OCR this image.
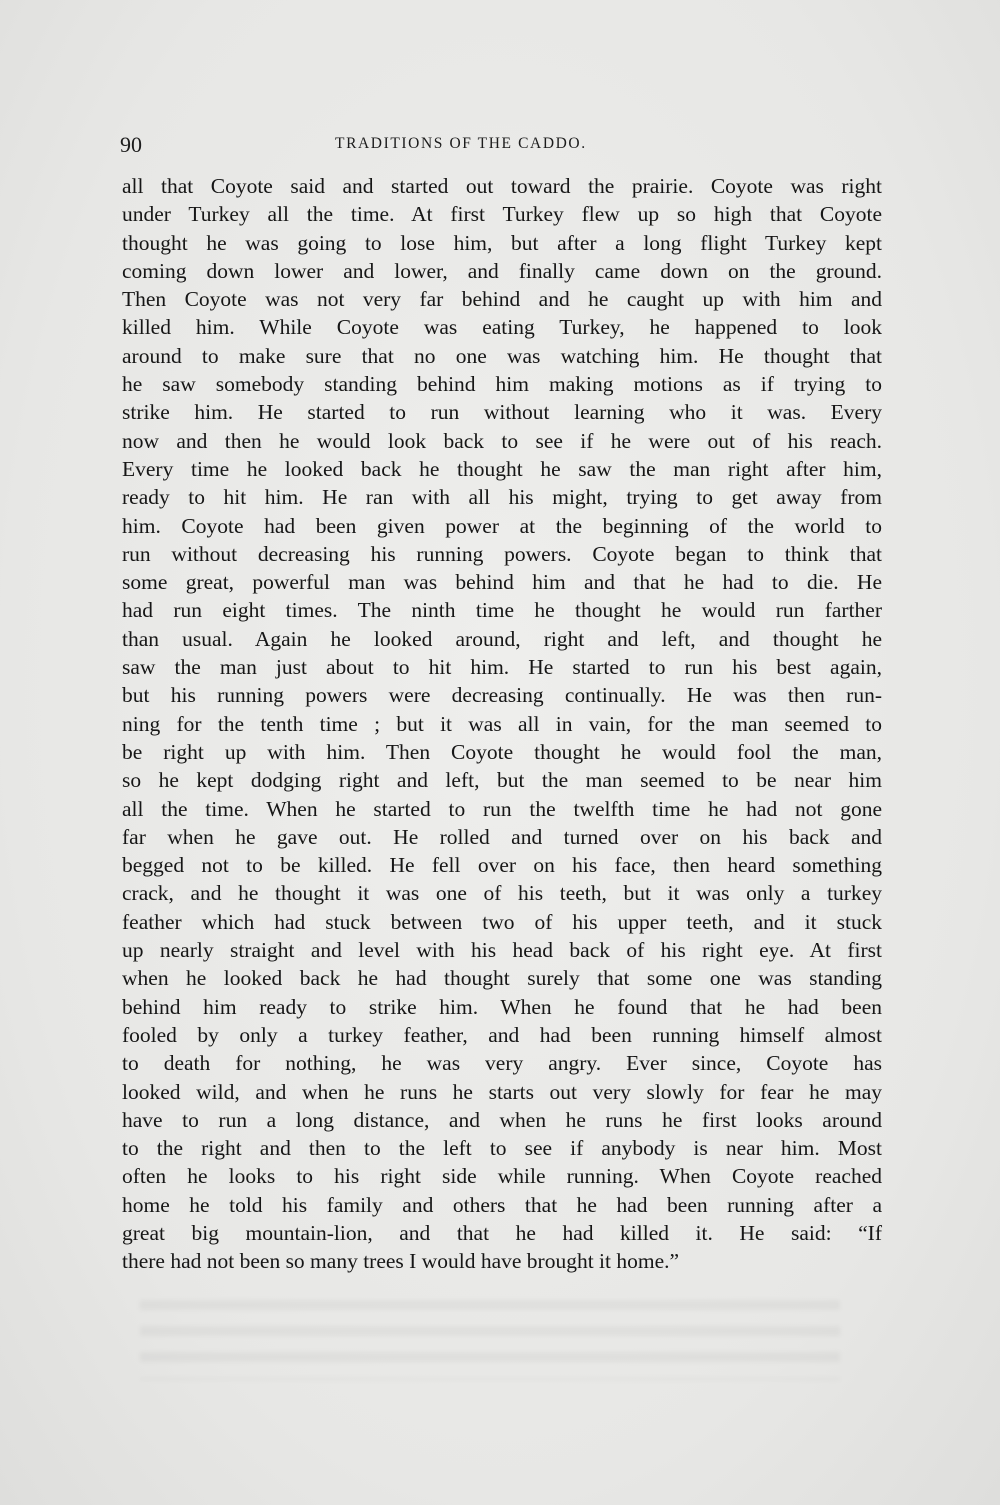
90	TRADITIONS OF THE CADDO.
all that Coyote said and started out toward the prairie. Coyote was right
under Turkey all the time. At first Turkey flew up so high that Coyote
thought he was going to lose him, but after a long flight Turkey kept
coming down lower and lower, and finally came down on the ground.
Then Coyote was not very far behind and he caught up with him and
killed him. While Coyote was eating Turkey, he happened to look
around to make sure that no one was watching him. He thought that
he saw somebody standing behind him making motions as if trying to
strike him. He started to run without learning who it was. Every
now and then he would look back to see if he were out of his reach.
Every time he looked back he thought he saw the man right after him,
ready to hit him. He ran with all his might, trying to get away from
him. Coyote had been given power at the beginning of the world to
run without decreasing his running powers. Coyote began to think that
some great, powerful man was behind him and that he had to die. He
had run eight times. The ninth time he thought he would run farther
than usual. Again he looked around, right and left, and thought he
saw the man just about to hit him. He started to run his best again,
but his running powers were decreasing continually. He was then run-
ning for the tenth time ; but it was all in vain, for the man seemed to
be right up with him. Then Coyote thought he would fool the man,
so he kept dodging right and left, but the man seemed to be near him
all the time. When he started to run the twelfth time he had not gone
far when he gave out. He rolled and turned over on his back and
begged not to be killed. He fell over on his face, then heard something
crack, and he thought it was one of his teeth, but it was only a turkey
feather which had stuck between two of his upper teeth, and it stuck
up nearly straight and level with his head back of his right eye. At first
when he looked back he had thought surely that some one was standing
behind him ready to strike him. When he found that he had been
fooled by only a turkey feather, and had been running himself almost
to death for nothing, he was very angry. Ever since, Coyote has
looked wild, and when he runs he starts out very slowly for fear he may
have to run a long distance, and when he runs he first looks around
to the right and then to the left to see if anybody is near him. Most
often he looks to his right side while running. When Coyote reached
home he told his family and others that he had been running after a
great big mountain-lion, and that he had killed it. He said: “If
there had not been so many trees I would have brought it home.”
